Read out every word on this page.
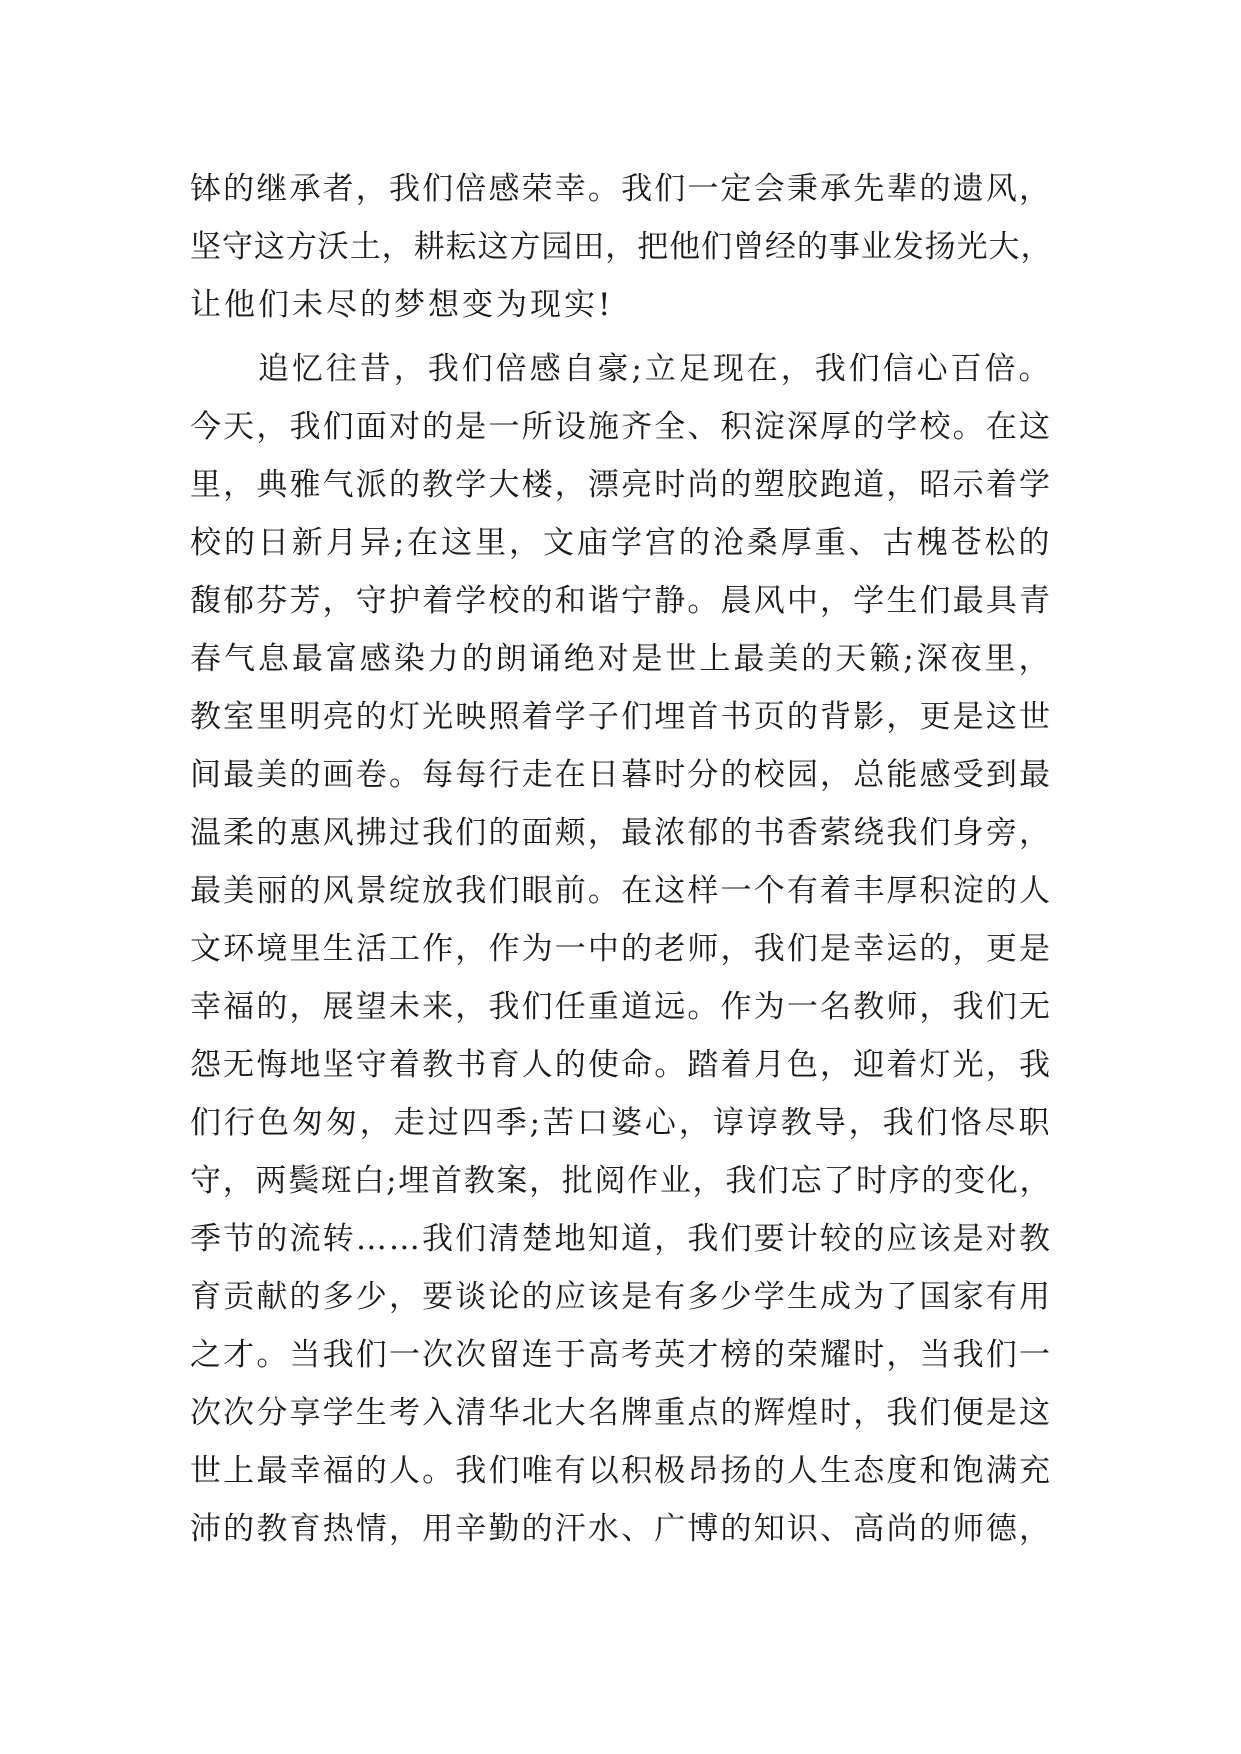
钵的继承者，我们倍感荣幸。我们一定会秉承先辈的遗风，
坚守这方沃土，耕耘这方园田，把他们曾经的事业发扬光大，
让他们未尽的梦想变为现实!
　　追忆往昔，我们倍感自豪;立足现在，我们信心百倍。
今天，我们面对的是一所设施齐全、积淀深厚的学校。在这
里，典雅气派的教学大楼，漂亮时尚的塑胶跑道，昭示着学
校的日新月异;在这里，文庙学宫的沧桑厚重、古槐苍松的
馥郁芬芳，守护着学校的和谐宁静。晨风中，学生们最具青
春气息最富感染力的朗诵绝对是世上最美的天籁;深夜里，
教室里明亮的灯光映照着学子们埋首书页的背影，更是这世
间最美的画卷。每每行走在日暮时分的校园，总能感受到最
温柔的惠风拂过我们的面颊，最浓郁的书香萦绕我们身旁，
最美丽的风景绽放我们眼前。在这样一个有着丰厚积淀的人
文环境里生活工作，作为一中的老师，我们是幸运的，更是
幸福的，展望未来，我们任重道远。作为一名教师，我们无
怨无悔地坚守着教书育人的使命。踏着月色，迎着灯光，我
们行色匆匆，走过四季;苦口婆心，谆谆教导，我们恪尽职
守，两鬓斑白;埋首教案，批阅作业，我们忘了时序的变化，
季节的流转……我们清楚地知道，我们要计较的应该是对教
育贡献的多少，要谈论的应该是有多少学生成为了国家有用
之才。当我们一次次留连于高考英才榜的荣耀时，当我们一
次次分享学生考入清华北大名牌重点的辉煌时，我们便是这
世上最幸福的人。我们唯有以积极昂扬的人生态度和饱满充
沛的教育热情，用辛勤的汗水、广博的知识、高尚的师德，
